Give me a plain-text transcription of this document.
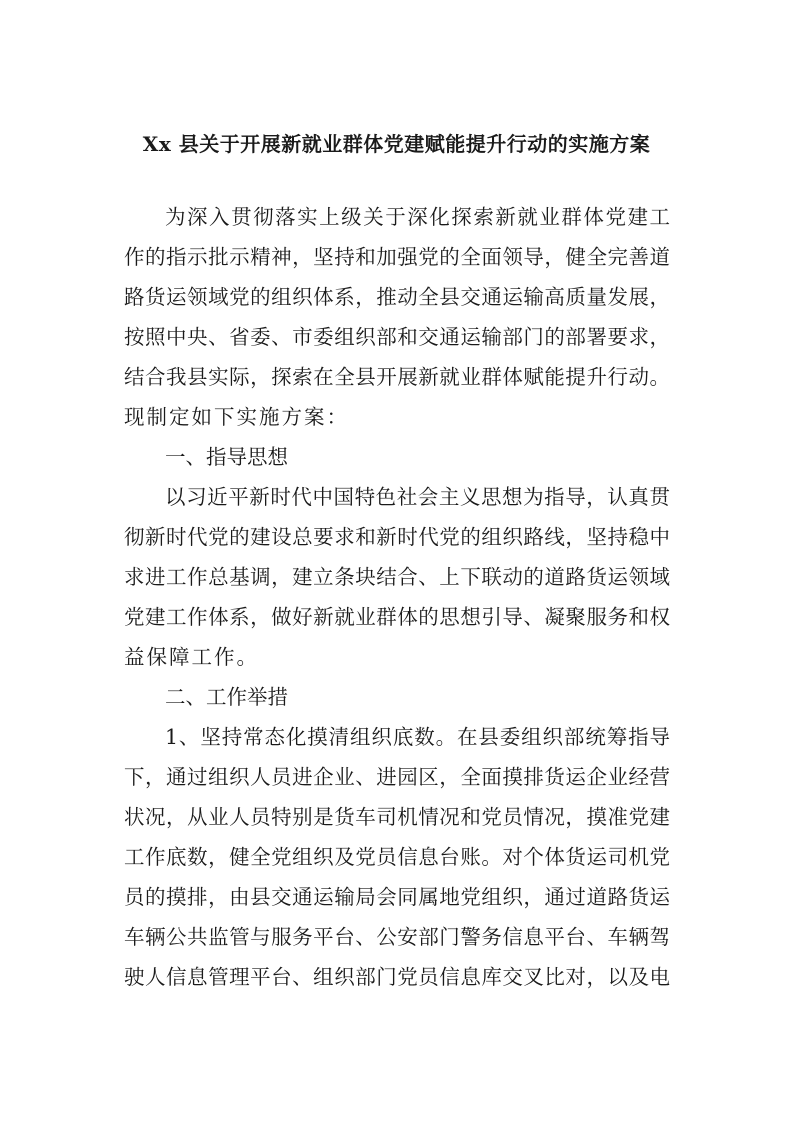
Xx 县关于开展新就业群体党建赋能提升行动的实施方案
为深入贯彻落实上级关于深化探索新就业群体党建工
作的指示批示精神，坚持和加强党的全面领导，健全完善道
路货运领域党的组织体系，推动全县交通运输高质量发展，
按照中央、省委、市委组织部和交通运输部门的部署要求，
结合我县实际，探索在全县开展新就业群体赋能提升行动。
现制定如下实施方案：
一、指导思想
以习近平新时代中国特色社会主义思想为指导，认真贯
彻新时代党的建设总要求和新时代党的组织路线，坚持稳中
求进工作总基调，建立条块结合、上下联动的道路货运领域
党建工作体系，做好新就业群体的思想引导、凝聚服务和权
益保障工作。
二、工作举措
1、坚持常态化摸清组织底数。在县委组织部统筹指导
下，通过组织人员进企业、进园区，全面摸排货运企业经营
状况，从业人员特别是货车司机情况和党员情况，摸准党建
工作底数，健全党组织及党员信息台账。对个体货运司机党
员的摸排，由县交通运输局会同属地党组织，通过道路货运
车辆公共监管与服务平台、公安部门警务信息平台、车辆驾
驶人信息管理平台、组织部门党员信息库交叉比对，以及电
